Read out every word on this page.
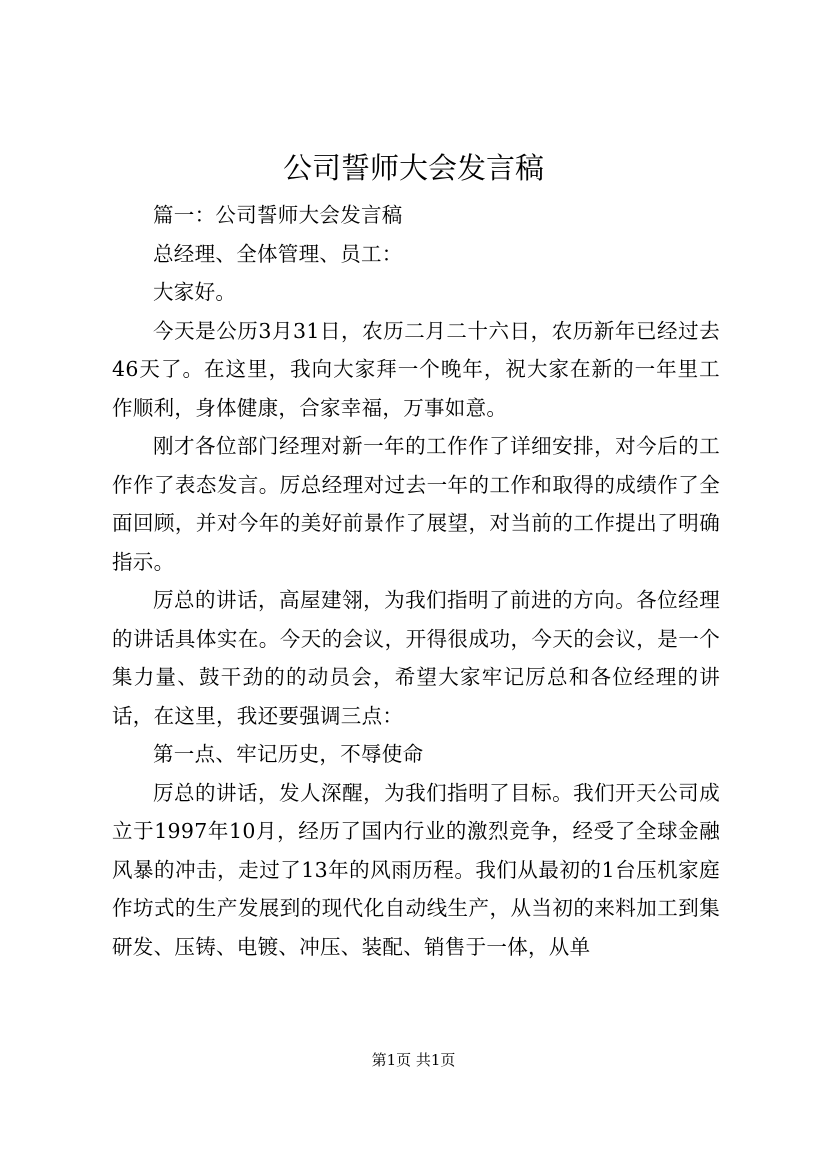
公司誓师大会发言稿

篇一：公司誓师大会发言稿

总经理、全体管理、员工：

大家好。

今天是公历3月31日，农历二月二十六日，农历新年已经过去46天了。在这里，我向大家拜一个晚年，祝大家在新的一年里工作顺利，身体健康，合家幸福，万事如意。

刚才各位部门经理对新一年的工作作了详细安排，对今后的工作作了表态发言。厉总经理对过去一年的工作和取得的成绩作了全面回顾，并对今年的美好前景作了展望，对当前的工作提出了明确指示。

厉总的讲话，高屋建翎，为我们指明了前进的方向。各位经理的讲话具体实在。今天的会议，开得很成功，今天的会议，是一个集力量、鼓干劲的的动员会，希望大家牢记厉总和各位经理的讲话，在这里，我还要强调三点：

第一点、牢记历史，不辱使命

厉总的讲话，发人深醒，为我们指明了目标。我们开天公司成立于1997年10月，经历了国内行业的激烈竞争，经受了全球金融风暴的冲击，走过了13年的风雨历程。我们从最初的1台压机家庭作坊式的生产发展到的现代化自动线生产，从当初的来料加工到集研发、压铸、电镀、冲压、装配、销售于一体，从单

第1页 共1页
